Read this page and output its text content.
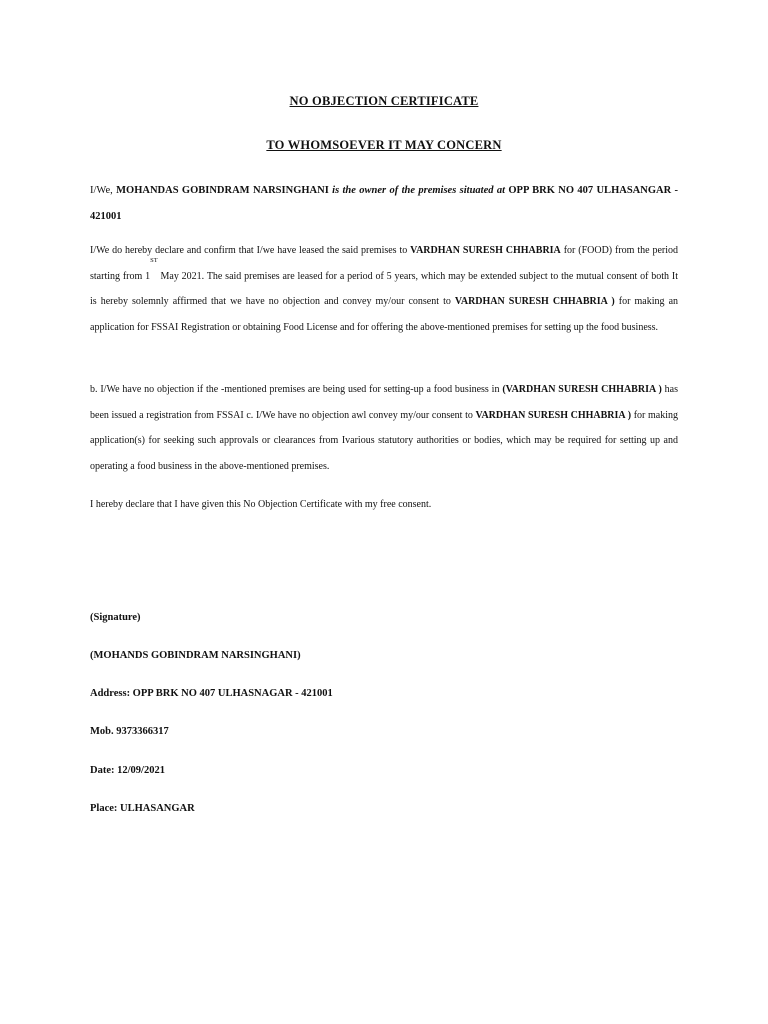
NO OBJECTION CERTIFICATE
TO WHOMSOEVER IT MAY CONCERN
I/We, MOHANDAS GOBINDRAM NARSINGHANI is the owner of the premises situated at OPP BRK NO 407 ULHASANGAR - 421001
I/We do hereby declare and confirm that I/we have leased the said premises to VARDHAN SURESH CHHABRIA for (FOOD) from the period starting from 1ST May 2021. The said premises are leased for a period of 5 years, which may be extended subject to the mutual consent of both It is hereby solemnly affirmed that we have no objection and convey my/our consent to VARDHAN SURESH CHHABRIA ) for making an application for FSSAI Registration or obtaining Food License and for offering the above-mentioned premises for setting up the food business.
b. I/We have no objection if the -mentioned premises are being used for setting-up a food business in (VARDHAN SURESH CHHABRIA ) has been issued a registration from FSSAI c. I/We have no objection awl convey my/our consent to VARDHAN SURESH CHHABRIA ) for making application(s) for seeking such approvals or clearances from Ivarious statutory authorities or bodies, which may be required for setting up and operating a food business in the above-mentioned premises.
I hereby declare that I have given this No Objection Certificate with my free consent.
(Signature)
(MOHANDS GOBINDRAM NARSINGHANI)
Address: OPP BRK NO 407 ULHASNAGAR - 421001
Mob. 9373366317
Date: 12/09/2021
Place: ULHASANGAR
